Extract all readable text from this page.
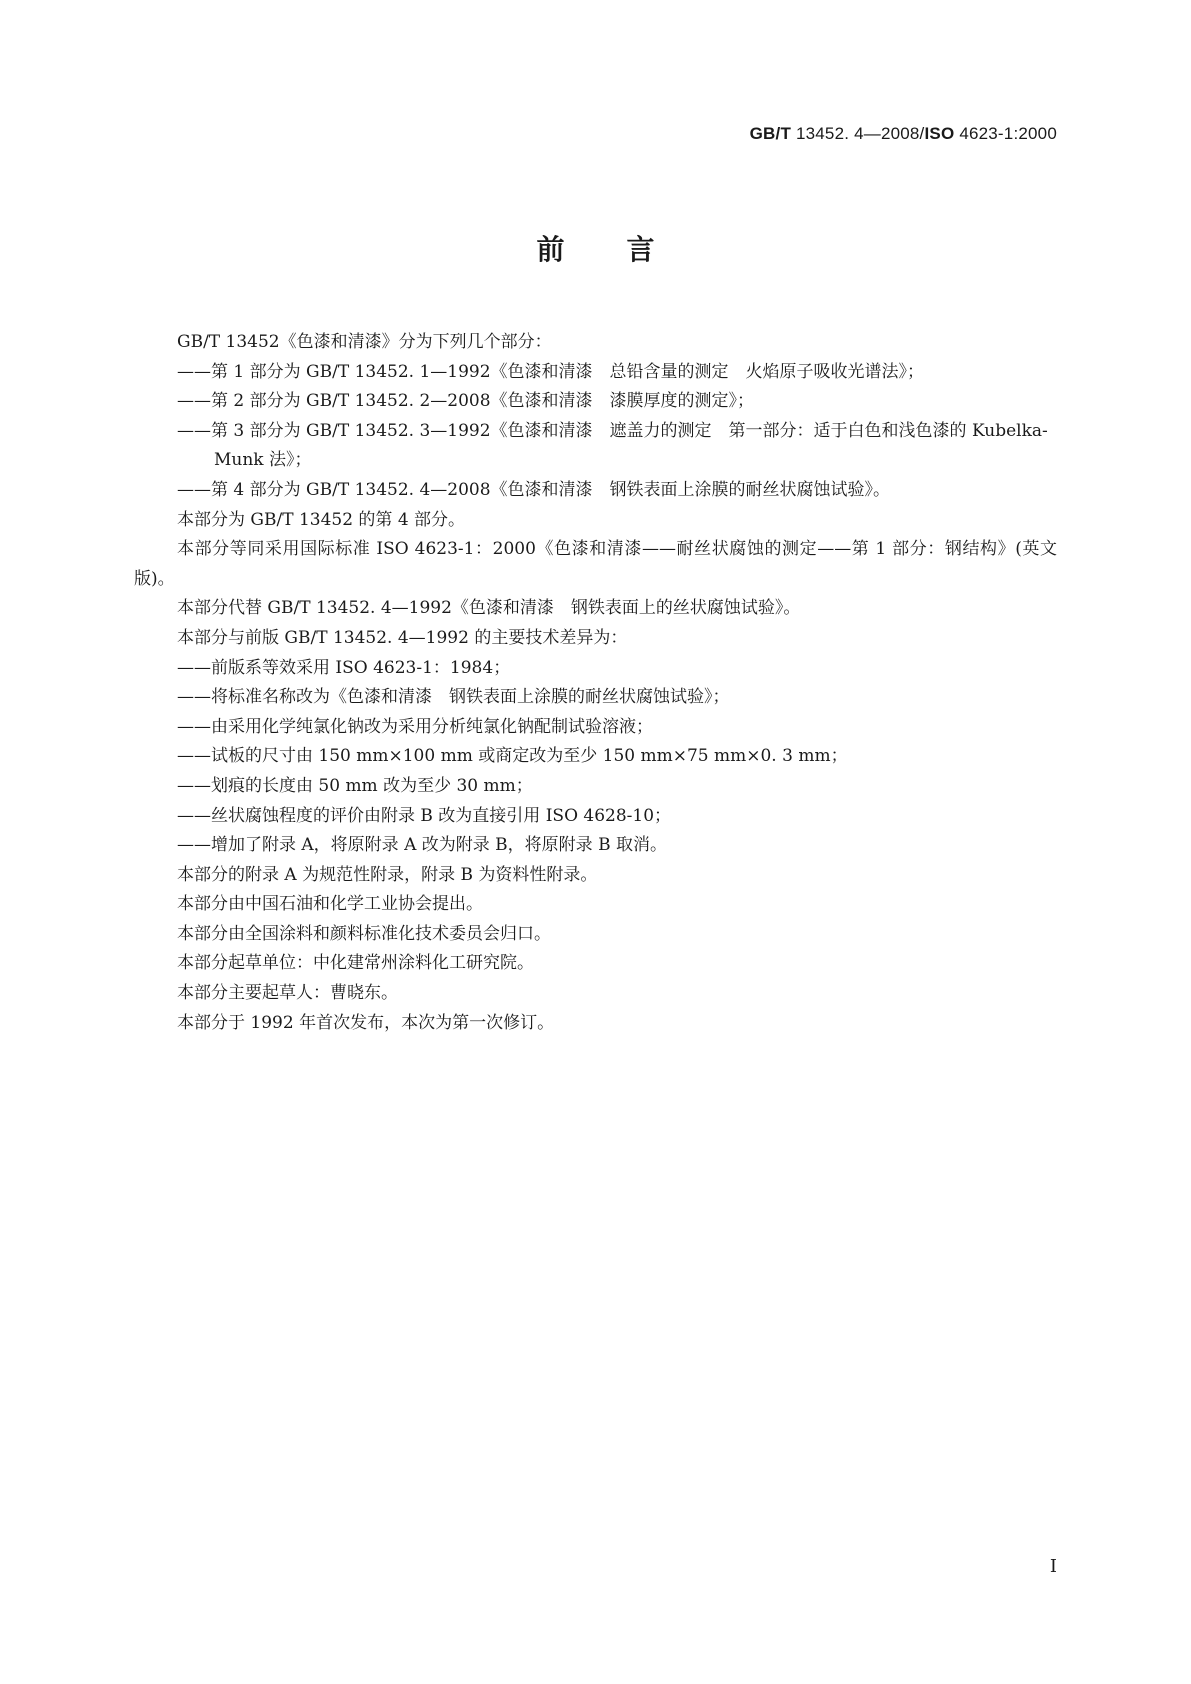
GB/T 13452. 4—2008/ISO 4623-1:2000
前言

GB/T 13452《色漆和清漆》分为下列几个部分：

——第 1 部分为 GB/T 13452. 1—1992《色漆和清漆　总铅含量的测定　火焰原子吸收光谱法》；

——第 2 部分为 GB/T 13452. 2—2008《色漆和清漆　漆膜厚度的测定》；

——第 3 部分为 GB/T 13452. 3—1992《色漆和清漆　遮盖力的测定　第一部分：适于白色和浅色漆的 Kubelka-Munk 法》；

——第 4 部分为 GB/T 13452. 4—2008《色漆和清漆　钢铁表面上涂膜的耐丝状腐蚀试验》。

本部分为 GB/T 13452 的第 4 部分。

本部分等同采用国际标准 ISO 4623-1：2000《色漆和清漆——耐丝状腐蚀的测定——第 1 部分：钢结构》(英文版)。

本部分代替 GB/T 13452. 4—1992《色漆和清漆　钢铁表面上的丝状腐蚀试验》。

本部分与前版 GB/T 13452. 4—1992 的主要技术差异为：

——前版系等效采用 ISO 4623-1：1984；

——将标准名称改为《色漆和清漆　钢铁表面上涂膜的耐丝状腐蚀试验》；

——由采用化学纯氯化钠改为采用分析纯氯化钠配制试验溶液；

——试板的尺寸由 150 mm×100 mm 或商定改为至少 150 mm×75 mm×0. 3 mm；

——划痕的长度由 50 mm 改为至少 30 mm；

——丝状腐蚀程度的评价由附录 B 改为直接引用 ISO 4628-10；

——增加了附录 A，将原附录 A 改为附录 B，将原附录 B 取消。

本部分的附录 A 为规范性附录，附录 B 为资料性附录。

本部分由中国石油和化学工业协会提出。

本部分由全国涂料和颜料标准化技术委员会归口。

本部分起草单位：中化建常州涂料化工研究院。

本部分主要起草人：曹晓东。

本部分于 1992 年首次发布，本次为第一次修订。

I
